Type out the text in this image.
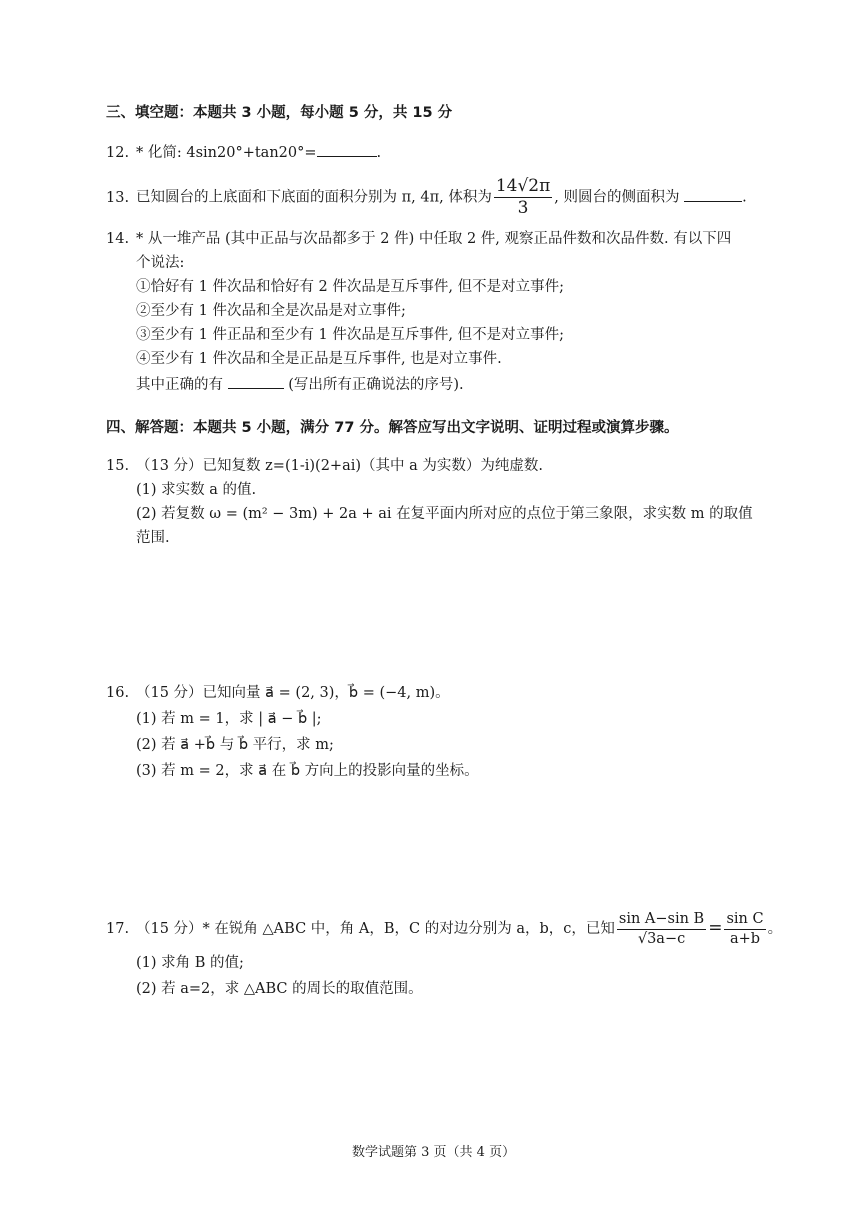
三、填空题：本题共 3 小题，每小题 5 分，共 15 分
12. * 化简: 4sin20°+tan20°=	.
13. 已知圆台的上底面和下底面的面积分别为 π, 4π, 体积为 $\frac{14√2\pi}{3}$ , 则圆台的侧面积为	.
14. * 从一堆产品 (其中正品与次品都多于 2 件) 中任取 2 件, 观察正品件数和次品件数. 有以下四
个说法:
①恰好有 1 件次品和恰好有 2 件次品是互斥事件, 但不是对立事件;
②至少有 1 件次品和全是次品是对立事件;
③至少有 1 件正品和至少有 1 件次品是互斥事件, 但不是对立事件;
④至少有 1 件次品和全是正品是互斥事件, 也是对立事件.
其中正确的有	(写出所有正确说法的序号).
四、解答题：本题共 5 小题，满分 77 分。解答应写出文字说明、证明过程或演算步骤。
15. （13 分）已知复数 z=(1-i)(2+ai)（其中 a 为实数）为纯虚数.
(1) 求实数 a 的值.
(2) 若复数 ω = (m² − 3m) + 2a + ai 在复平面内所对应的点位于第三象限，求实数 m 的取值
范围.
16. （15 分）已知向量 a⃗ = (2, 3)，b⃗ = (−4, m)。
(1) 若 m = 1，求 | a⃗ − b⃗ |;
(2) 若 a⃗ +b⃗ 与 b⃗ 平行，求 m;
(3) 若 m = 2，求 a⃗ 在 b⃗ 方向上的投影向量的坐标。
17. （15 分）* 在锐角 △ABC 中，角 A，B，C 的对边分别为 a，b，c，已知 $\frac{\text{sin A−sin B}}{√3a-c} = \frac{\text{sin C}}{a+b}$ 。
(1) 求角 B 的值;
(2) 若 a=2，求 △ABC 的周长的取值范围。
数学试题第 3 页（共 4 页）
